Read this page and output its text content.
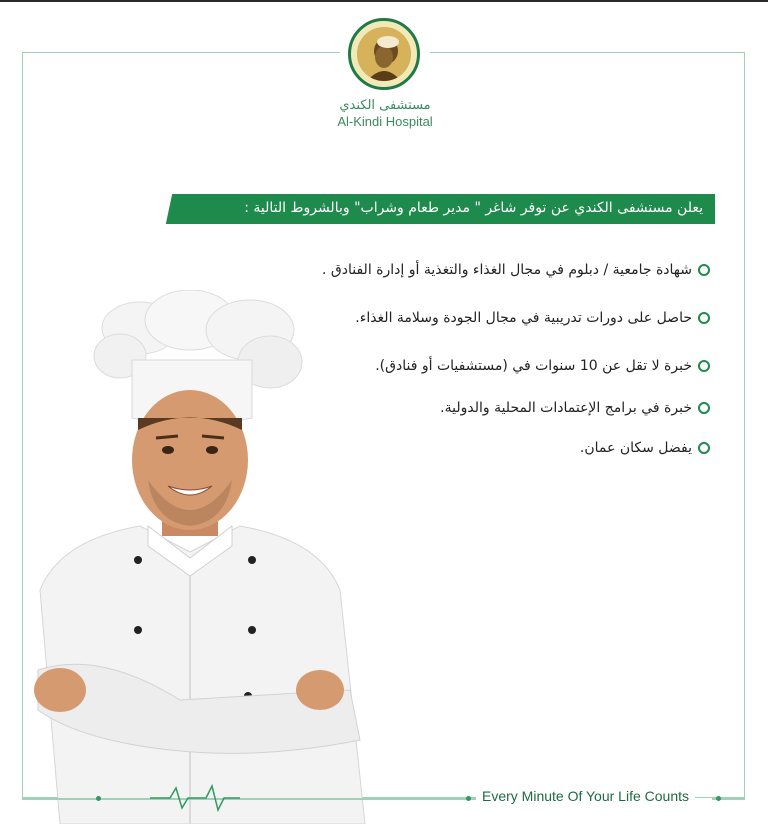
مستشفى الكندي
Al-Kindi Hospital
يعلن مستشفى الكندي عن توفر شاغر " مدير طعام وشراب" وبالشروط التالية :
شهادة جامعية / دبلوم في مجال الغذاء والتغذية أو إدارة الفنادق .
حاصل على دورات تدريبية في مجال الجودة وسلامة الغذاء.
خبرة لا تقل عن 10 سنوات في (مستشفيات أو فنادق).
خبرة في برامج الإعتمادات المحلية والدولية.
يفضل سكان عمان.
Every Minute Of Your Life Counts
